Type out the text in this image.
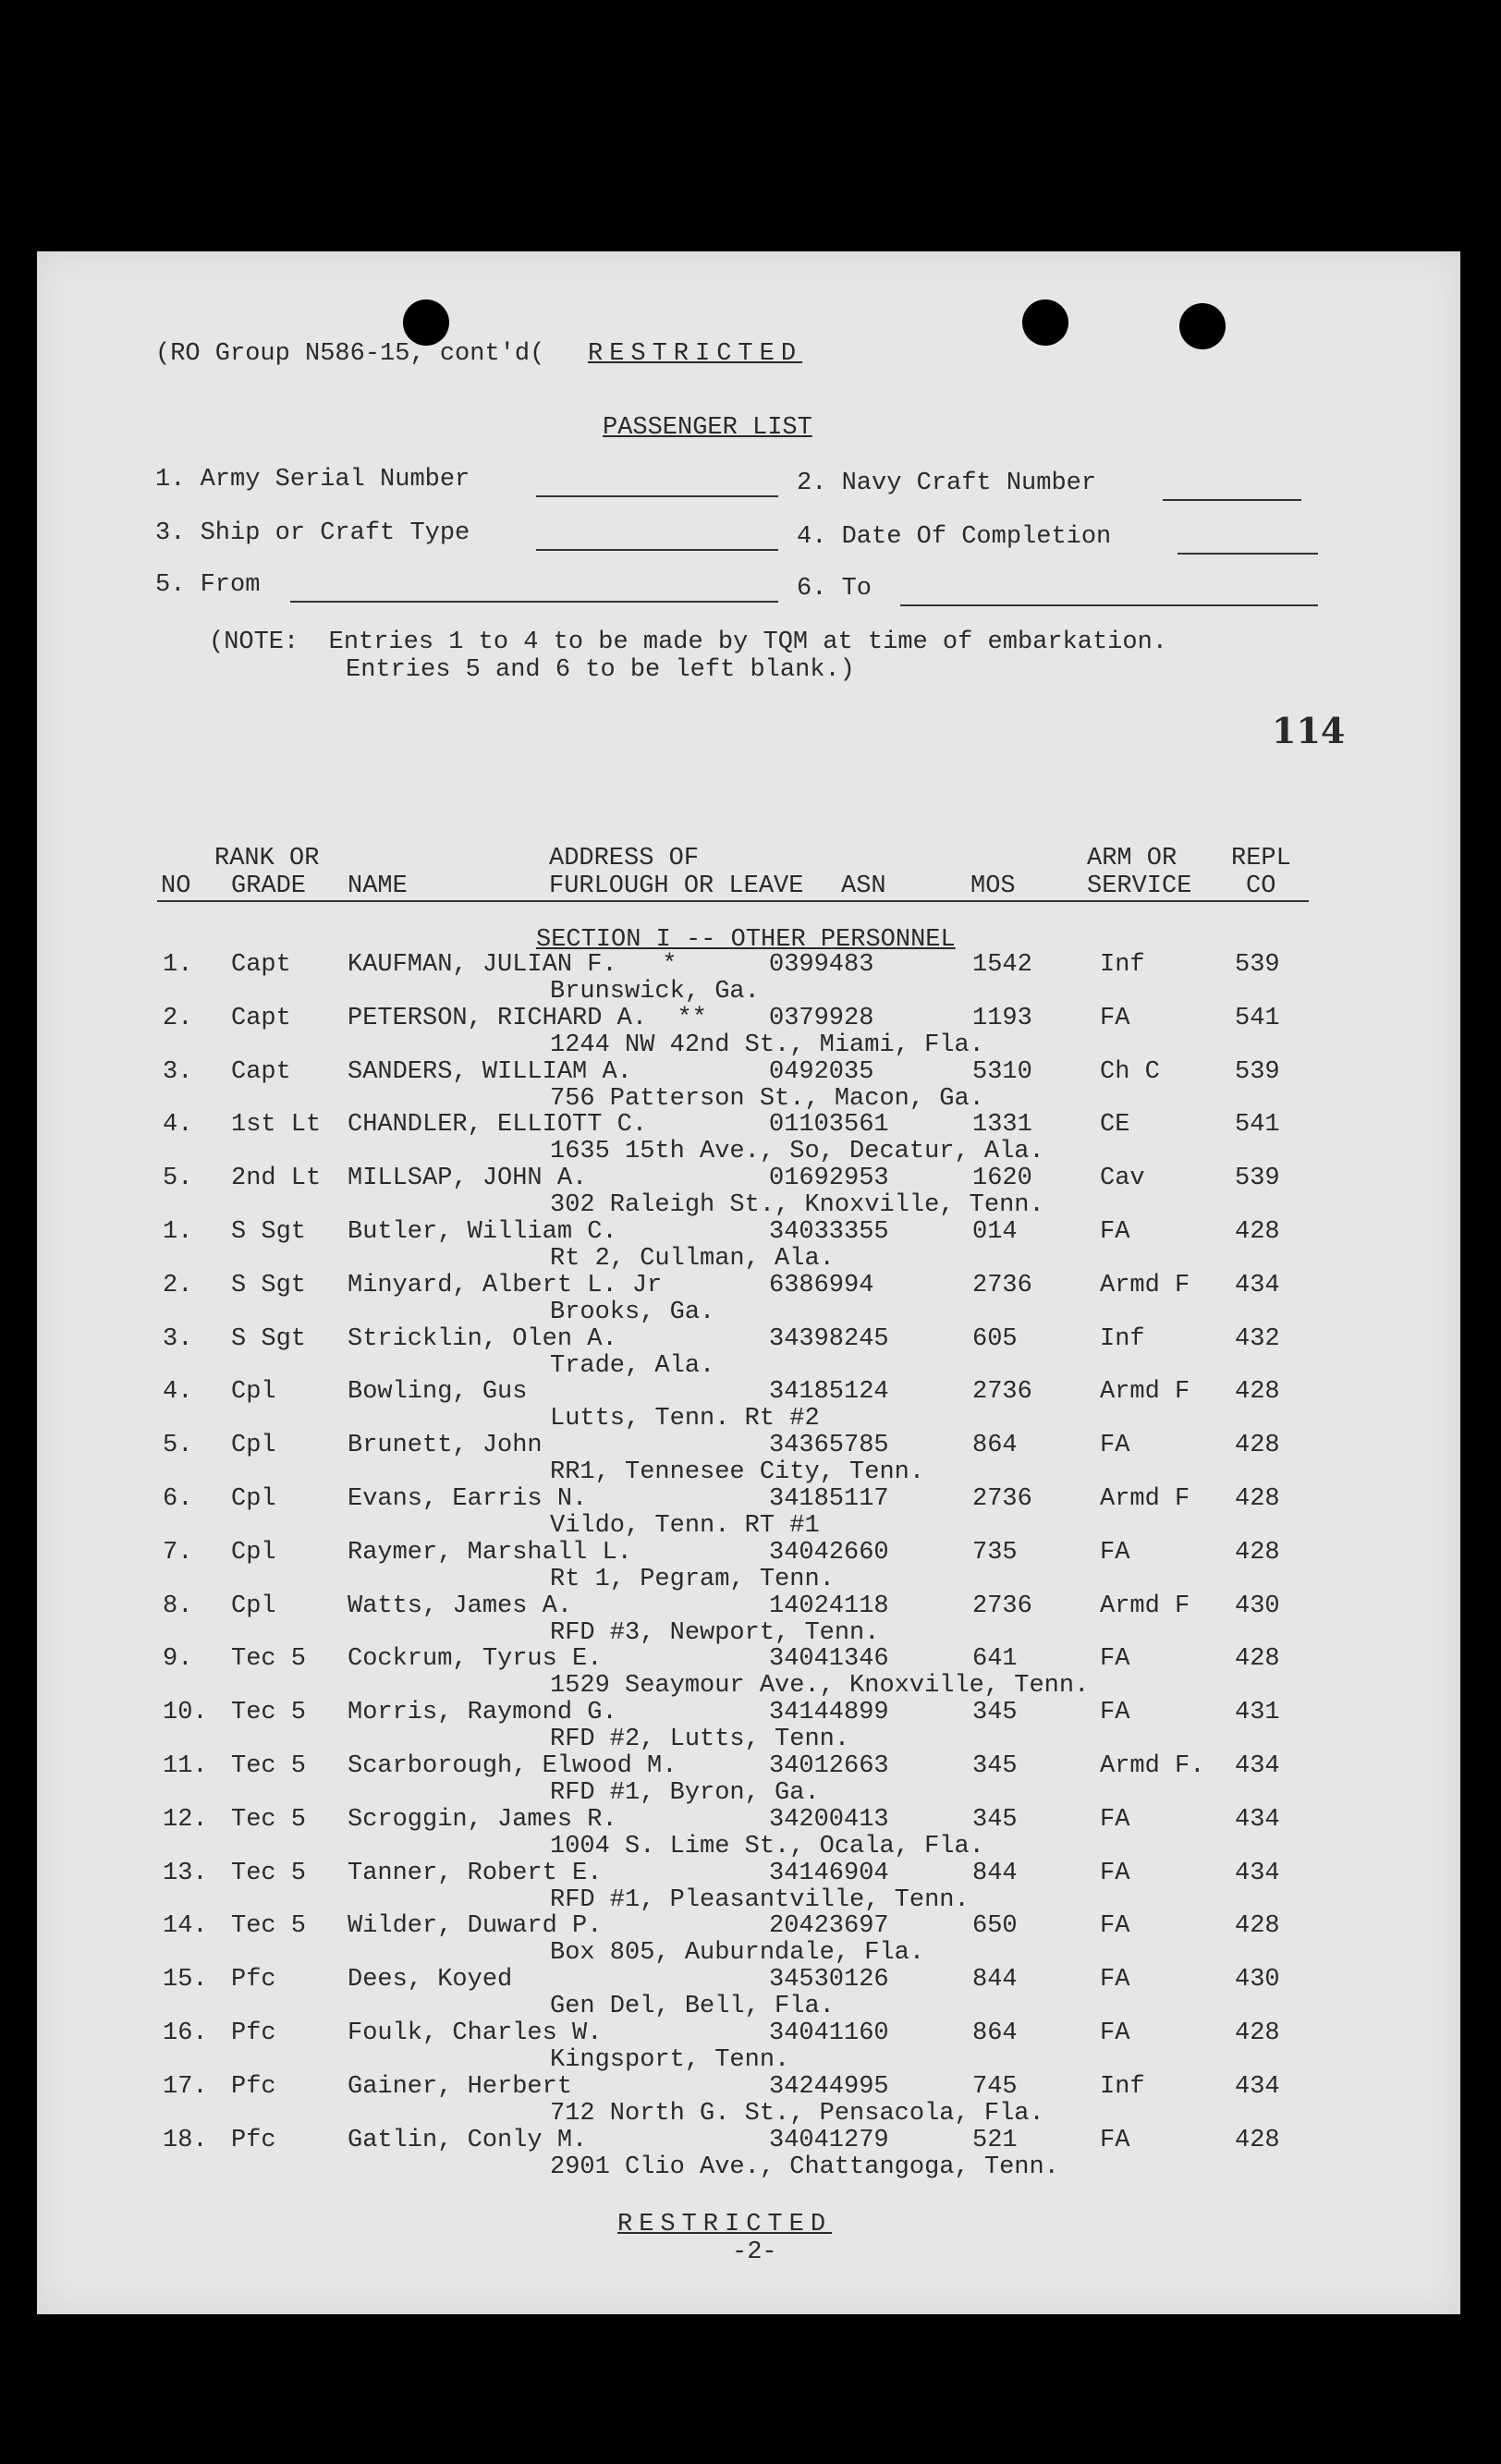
(RO Group N586-15, cont'd( RESTRICTED
PASSENGER LIST
1. Army Serial Number	2. Navy Craft Number
3. Ship or Craft Type	4. Date Of Completion
5. From	6. To
(NOTE:  Entries 1 to 4 to be made by TQM at time of embarkation.
Entries 5 and 6 to be left blank.)
114
RANK OR	ADDRESS OF	ARM OR REPL
NO GRADE NAME	FURLOUGH OR LEAVE ASN	MOS	SERVICE CO
SECTION I -- OTHER PERSONNEL
1. Capt KAUFMAN, JULIAN F.   *	0399483	1542	Inf	539
Brunswick, Ga.
2. Capt PETERSON, RICHARD A.  ** 0379928	1193	FA	541
1244 NW 42nd St., Miami, Fla.
3. Capt SANDERS, WILLIAM A.	0492035	5310	Ch C	539
756 Patterson St., Macon, Ga.
4. 1st Lt CHANDLER, ELLIOTT C.	01103561	1331	CE	541
1635 15th Ave., So, Decatur, Ala.
5. 2nd Lt MILLSAP, JOHN A.	01692953	1620	Cav	539
302 Raleigh St., Knoxville, Tenn.
1. S Sgt Butler, William C.	34033355	014	FA	428
Rt 2, Cullman, Ala.
2. S Sgt Minyard, Albert L. Jr	6386994	2736	Armd F 434
Brooks, Ga.
3. S Sgt Stricklin, Olen A.	34398245	605	Inf	432
Trade, Ala.
4. Cpl	Bowling, Gus	34185124	2736	Armd F 428
Lutts, Tenn. Rt #2
5. Cpl	Brunett, John	34365785	864	FA	428
RR1, Tennesee City, Tenn.
6. Cpl	Evans, Earris N.	34185117	2736	Armd F 428
Vildo, Tenn. RT #1
7. Cpl	Raymer, Marshall L.	34042660	735	FA	428
Rt 1, Pegram, Tenn.
8. Cpl	Watts, James A.	14024118	2736	Armd F 430
RFD #3, Newport, Tenn.
9. Tec 5 Cockrum, Tyrus E.	34041346	641	FA	428
1529 Seaymour Ave., Knoxville, Tenn.
10. Tec 5 Morris, Raymond G.	34144899	345	FA	431
RFD #2, Lutts, Tenn.
11. Tec 5 Scarborough, Elwood M.	34012663	345	Armd F. 434
RFD #1, Byron, Ga.
12. Tec 5 Scroggin, James R.	34200413	345	FA	434
1004 S. Lime St., Ocala, Fla.
13. Tec 5 Tanner, Robert E.	34146904	844	FA	434
RFD #1, Pleasantville, Tenn.
14. Tec 5 Wilder, Duward P.	20423697	650	FA	428
Box 805, Auburndale, Fla.
15. Pfc	Dees, Koyed	34530126	844	FA	430
Gen Del, Bell, Fla.
16. Pfc	Foulk, Charles W.	34041160	864	FA	428
Kingsport, Tenn.
17. Pfc	Gainer, Herbert	34244995	745	Inf	434
712 North G. St., Pensacola, Fla.
18. Pfc	Gatlin, Conly M.	34041279	521	FA	428
2901 Clio Ave., Chattangoga, Tenn.
RESTRICTED
-2-
